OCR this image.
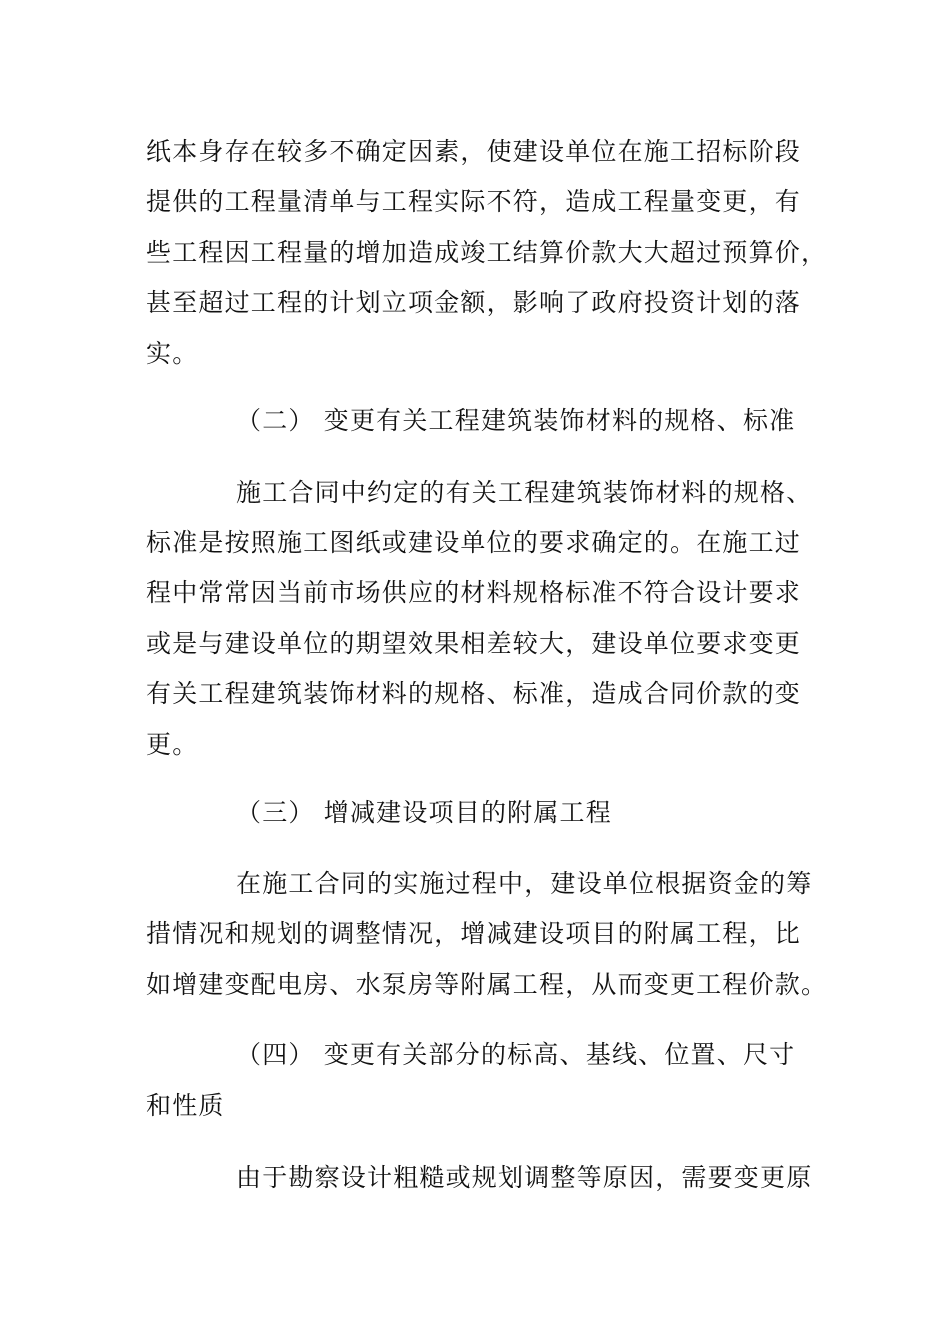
纸本身存在较多不确定因素，使建设单位在施工招标阶段
提供的工程量清单与工程实际不符，造成工程量变更，有
些工程因工程量的增加造成竣工结算价款大大超过预算价，
甚至超过工程的计划立项金额，影响了政府投资计划的落
实。
（二） 变更有关工程建筑装饰材料的规格、标准
施工合同中约定的有关工程建筑装饰材料的规格、
标准是按照施工图纸或建设单位的要求确定的。在施工过
程中常常因当前市场供应的材料规格标准不符合设计要求
或是与建设单位的期望效果相差较大，建设单位要求变更
有关工程建筑装饰材料的规格、标准，造成合同价款的变
更。
（三） 增减建设项目的附属工程
在施工合同的实施过程中，建设单位根据资金的筹
措情况和规划的调整情况，增减建设项目的附属工程，比
如增建变配电房、水泵房等附属工程，从而变更工程价款。
（四） 变更有关部分的标高、基线、位置、尺寸
和性质
由于勘察设计粗糙或规划调整等原因，需要变更原
